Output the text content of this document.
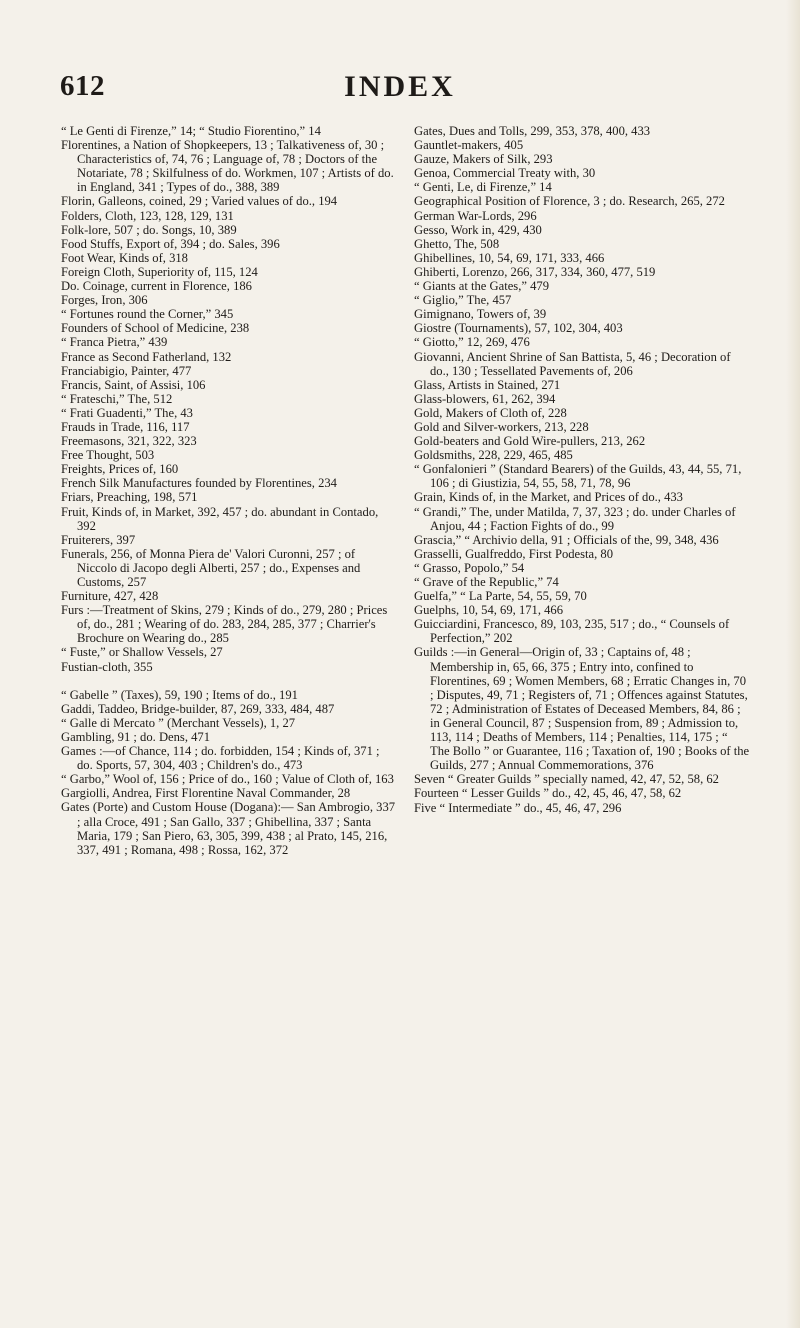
INDEX
612

“ Le Genti di Firenze,” 14; “ Studio Fiorentino,” 14

Florentines, a Nation of Shopkeepers, 13 ; Talkativeness of, 30 ; Characteristics of, 74, 76 ; Language of, 78 ; Doctors of the Notariate, 78 ; Skilfulness of do. Workmen, 107 ; Artists of do. in England, 341 ; Types of do., 388, 389

Florin, Galleons, coined, 29 ; Varied values of do., 194

Folders, Cloth, 123, 128, 129, 131

Folk-lore, 507 ; do. Songs, 10, 389

Food Stuffs, Export of, 394 ; do. Sales, 396

Foot Wear, Kinds of, 318

Foreign Cloth, Superiority of, 115, 124

Do. Coinage, current in Florence, 186

Forges, Iron, 306

“ Fortunes round the Corner,” 345

Founders of School of Medicine, 238

“ Franca Pietra,” 439

France as Second Fatherland, 132

Franciabigio, Painter, 477

Francis, Saint, of Assisi, 106

“ Frateschi,” The, 512

“ Frati Guadenti,” The, 43

Frauds in Trade, 116, 117

Freemasons, 321, 322, 323

Free Thought, 503

Freights, Prices of, 160

French Silk Manufactures founded by Florentines, 234

Friars, Preaching, 198, 571

Fruit, Kinds of, in Market, 392, 457 ; do. abundant in Contado, 392

Fruiterers, 397

Funerals, 256, of Monna Piera de' Valori Curonni, 257 ; of Niccolo di Jacopo degli Alberti, 257 ; do., Expenses and Customs, 257

Furniture, 427, 428

Furs :—Treatment of Skins, 279 ; Kinds of do., 279, 280 ; Prices of, do., 281 ; Wearing of do. 283, 284, 285, 377 ; Charrier's Brochure on Wearing do., 285

“ Fuste,” or Shallow Vessels, 27

Fustian-cloth, 355

“ Gabelle ” (Taxes), 59, 190 ; Items of do., 191

Gaddi, Taddeo, Bridge-builder, 87, 269, 333, 484, 487

“ Galle di Mercato ” (Merchant Vessels), 1, 27

Gambling, 91 ; do. Dens, 471

Games :—of Chance, 114 ; do. forbidden, 154 ; Kinds of, 371 ; do. Sports, 57, 304, 403 ; Children's do., 473

“ Garbo,” Wool of, 156 ; Price of do., 160 ; Value of Cloth of, 163

Gargiolli, Andrea, First Florentine Naval Commander, 28

Gates (Porte) and Custom House (Dogana):— San Ambrogio, 337 ; alla Croce, 491 ; San Gallo, 337 ; Ghibellina, 337 ; Santa Maria, 179 ; San Piero, 63, 305, 399, 438 ; al Prato, 145, 216, 337, 491 ; Romana, 498 ; Rossa, 162, 372

Gates, Dues and Tolls, 299, 353, 378, 400, 433

Gauntlet-makers, 405

Gauze, Makers of Silk, 293

Genoa, Commercial Treaty with, 30

“ Genti, Le, di Firenze,” 14

Geographical Position of Florence, 3 ; do. Research, 265, 272

German War-Lords, 296

Gesso, Work in, 429, 430

Ghetto, The, 508

Ghibellines, 10, 54, 69, 171, 333, 466

Ghiberti, Lorenzo, 266, 317, 334, 360, 477, 519

“ Giants at the Gates,” 479

“ Giglio,” The, 457

Gimignano, Towers of, 39

Giostre (Tournaments), 57, 102, 304, 403

“ Giotto,” 12, 269, 476

Giovanni, Ancient Shrine of San Battista, 5, 46 ; Decoration of do., 130 ; Tessellated Pavements of, 206

Glass, Artists in Stained, 271

Glass-blowers, 61, 262, 394

Gold, Makers of Cloth of, 228

Gold and Silver-workers, 213, 228

Gold-beaters and Gold Wire-pullers, 213, 262

Goldsmiths, 228, 229, 465, 485

“ Gonfalonieri ” (Standard Bearers) of the Guilds, 43, 44, 55, 71, 106 ; di Giustizia, 54, 55, 58, 71, 78, 96

Grain, Kinds of, in the Market, and Prices of do., 433

“ Grandi,” The, under Matilda, 7, 37, 323 ; do. under Charles of Anjou, 44 ; Faction Fights of do., 99

Grascia,” “ Archivio della, 91 ; Officials of the, 99, 348, 436

Grasselli, Gualfreddo, First Podesta, 80

“ Grasso, Popolo,” 54

“ Grave of the Republic,” 74

Guelfa,” “ La Parte, 54, 55, 59, 70

Guelphs, 10, 54, 69, 171, 466

Guicciardini, Francesco, 89, 103, 235, 517 ; do., “ Counsels of Perfection,” 202

Guilds :—in General—Origin of, 33 ; Captains of, 48 ; Membership in, 65, 66, 375 ; Entry into, confined to Florentines, 69 ; Women Members, 68 ; Erratic Changes in, 70 ; Disputes, 49, 71 ; Registers of, 71 ; Offences against Statutes, 72 ; Administration of Estates of Deceased Members, 84, 86 ; in General Council, 87 ; Suspension from, 89 ; Admission to, 113, 114 ; Deaths of Members, 114 ; Penalties, 114, 175 ; “ The Bollo ” or Guarantee, 116 ; Taxation of, 190 ; Books of the Guilds, 277 ; Annual Commemorations, 376

Seven “ Greater Guilds ” specially named, 42, 47, 52, 58, 62

Fourteen “ Lesser Guilds ” do., 42, 45, 46, 47, 58, 62

Five “ Intermediate ” do., 45, 46, 47, 296
